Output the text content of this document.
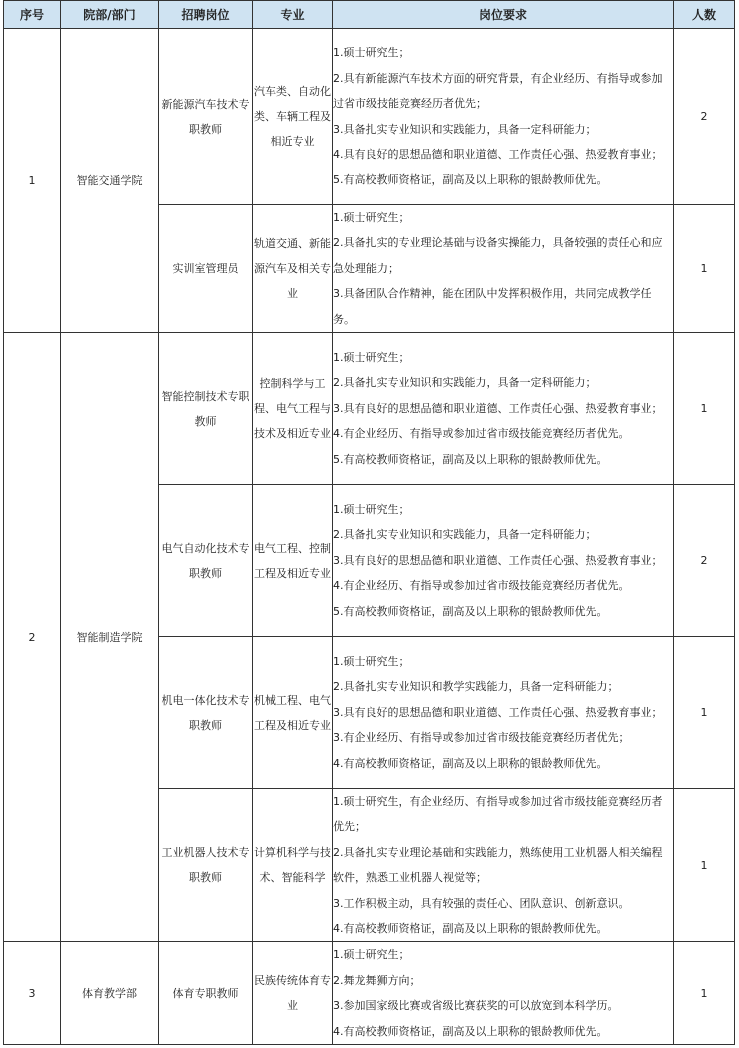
序号	院部/部门	招聘岗位	专业	岗位要求	人数
1	智能交通学院	新能源汽车技术专职教师	汽车类、自动化类、车辆工程及相近专业	1.硕士研究生；
2.具有新能源汽车技术方面的研究背景，有企业经历、有指导或参加过省市级技能竞赛经历者优先；
3.具备扎实专业知识和实践能力，具备一定科研能力；
4.具有良好的思想品德和职业道德、工作责任心强、热爱教育事业；
5.有高校教师资格证，副高及以上职称的银龄教师优先。	2
		实训室管理员	轨道交通、新能源汽车及相关专业	1.硕士研究生；
2.具备扎实的专业理论基础与设备实操能力，具备较强的责任心和应急处理能力；
3.具备团队合作精神，能在团队中发挥积极作用，共同完成教学任务。	1
2	智能制造学院	智能控制技术专职教师	控制科学与工程、电气工程与技术及相近专业	1.硕士研究生；
2.具备扎实专业知识和实践能力，具备一定科研能力；
3.具有良好的思想品德和职业道德、工作责任心强、热爱教育事业；
4.有企业经历、有指导或参加过省市级技能竞赛经历者优先。
5.有高校教师资格证，副高及以上职称的银龄教师优先。	1
		电气自动化技术专职教师	电气工程、控制工程及相近专业	1.硕士研究生；
2.具备扎实专业知识和实践能力，具备一定科研能力；
3.具有良好的思想品德和职业道德、工作责任心强、热爱教育事业；
4.有企业经历、有指导或参加过省市级技能竞赛经历者优先。
5.有高校教师资格证，副高及以上职称的银龄教师优先。	2
		机电一体化技术专职教师	机械工程、电气工程及相近专业	1.硕士研究生；
2.具备扎实专业知识和教学实践能力，具备一定科研能力；
3.具有良好的思想品德和职业道德、工作责任心强、热爱教育事业；
3.有企业经历、有指导或参加过省市级技能竞赛经历者优先；
4.有高校教师资格证，副高及以上职称的银龄教师优先。	1
		工业机器人技术专职教师	计算机科学与技术、智能科学	1.硕士研究生，有企业经历、有指导或参加过省市级技能竞赛经历者优先；
2.具备扎实专业理论基础和实践能力，熟练使用工业机器人相关编程软件，熟悉工业机器人视觉等；
3.工作积极主动，具有较强的责任心、团队意识、创新意识。
4.有高校教师资格证，副高及以上职称的银龄教师优先。	1
3	体育教学部	体育专职教师	民族传统体育专业	1.硕士研究生；
2.舞龙舞狮方向；
3.参加国家级比赛或省级比赛获奖的可以放宽到本科学历。
4.有高校教师资格证，副高及以上职称的银龄教师优先。	1
